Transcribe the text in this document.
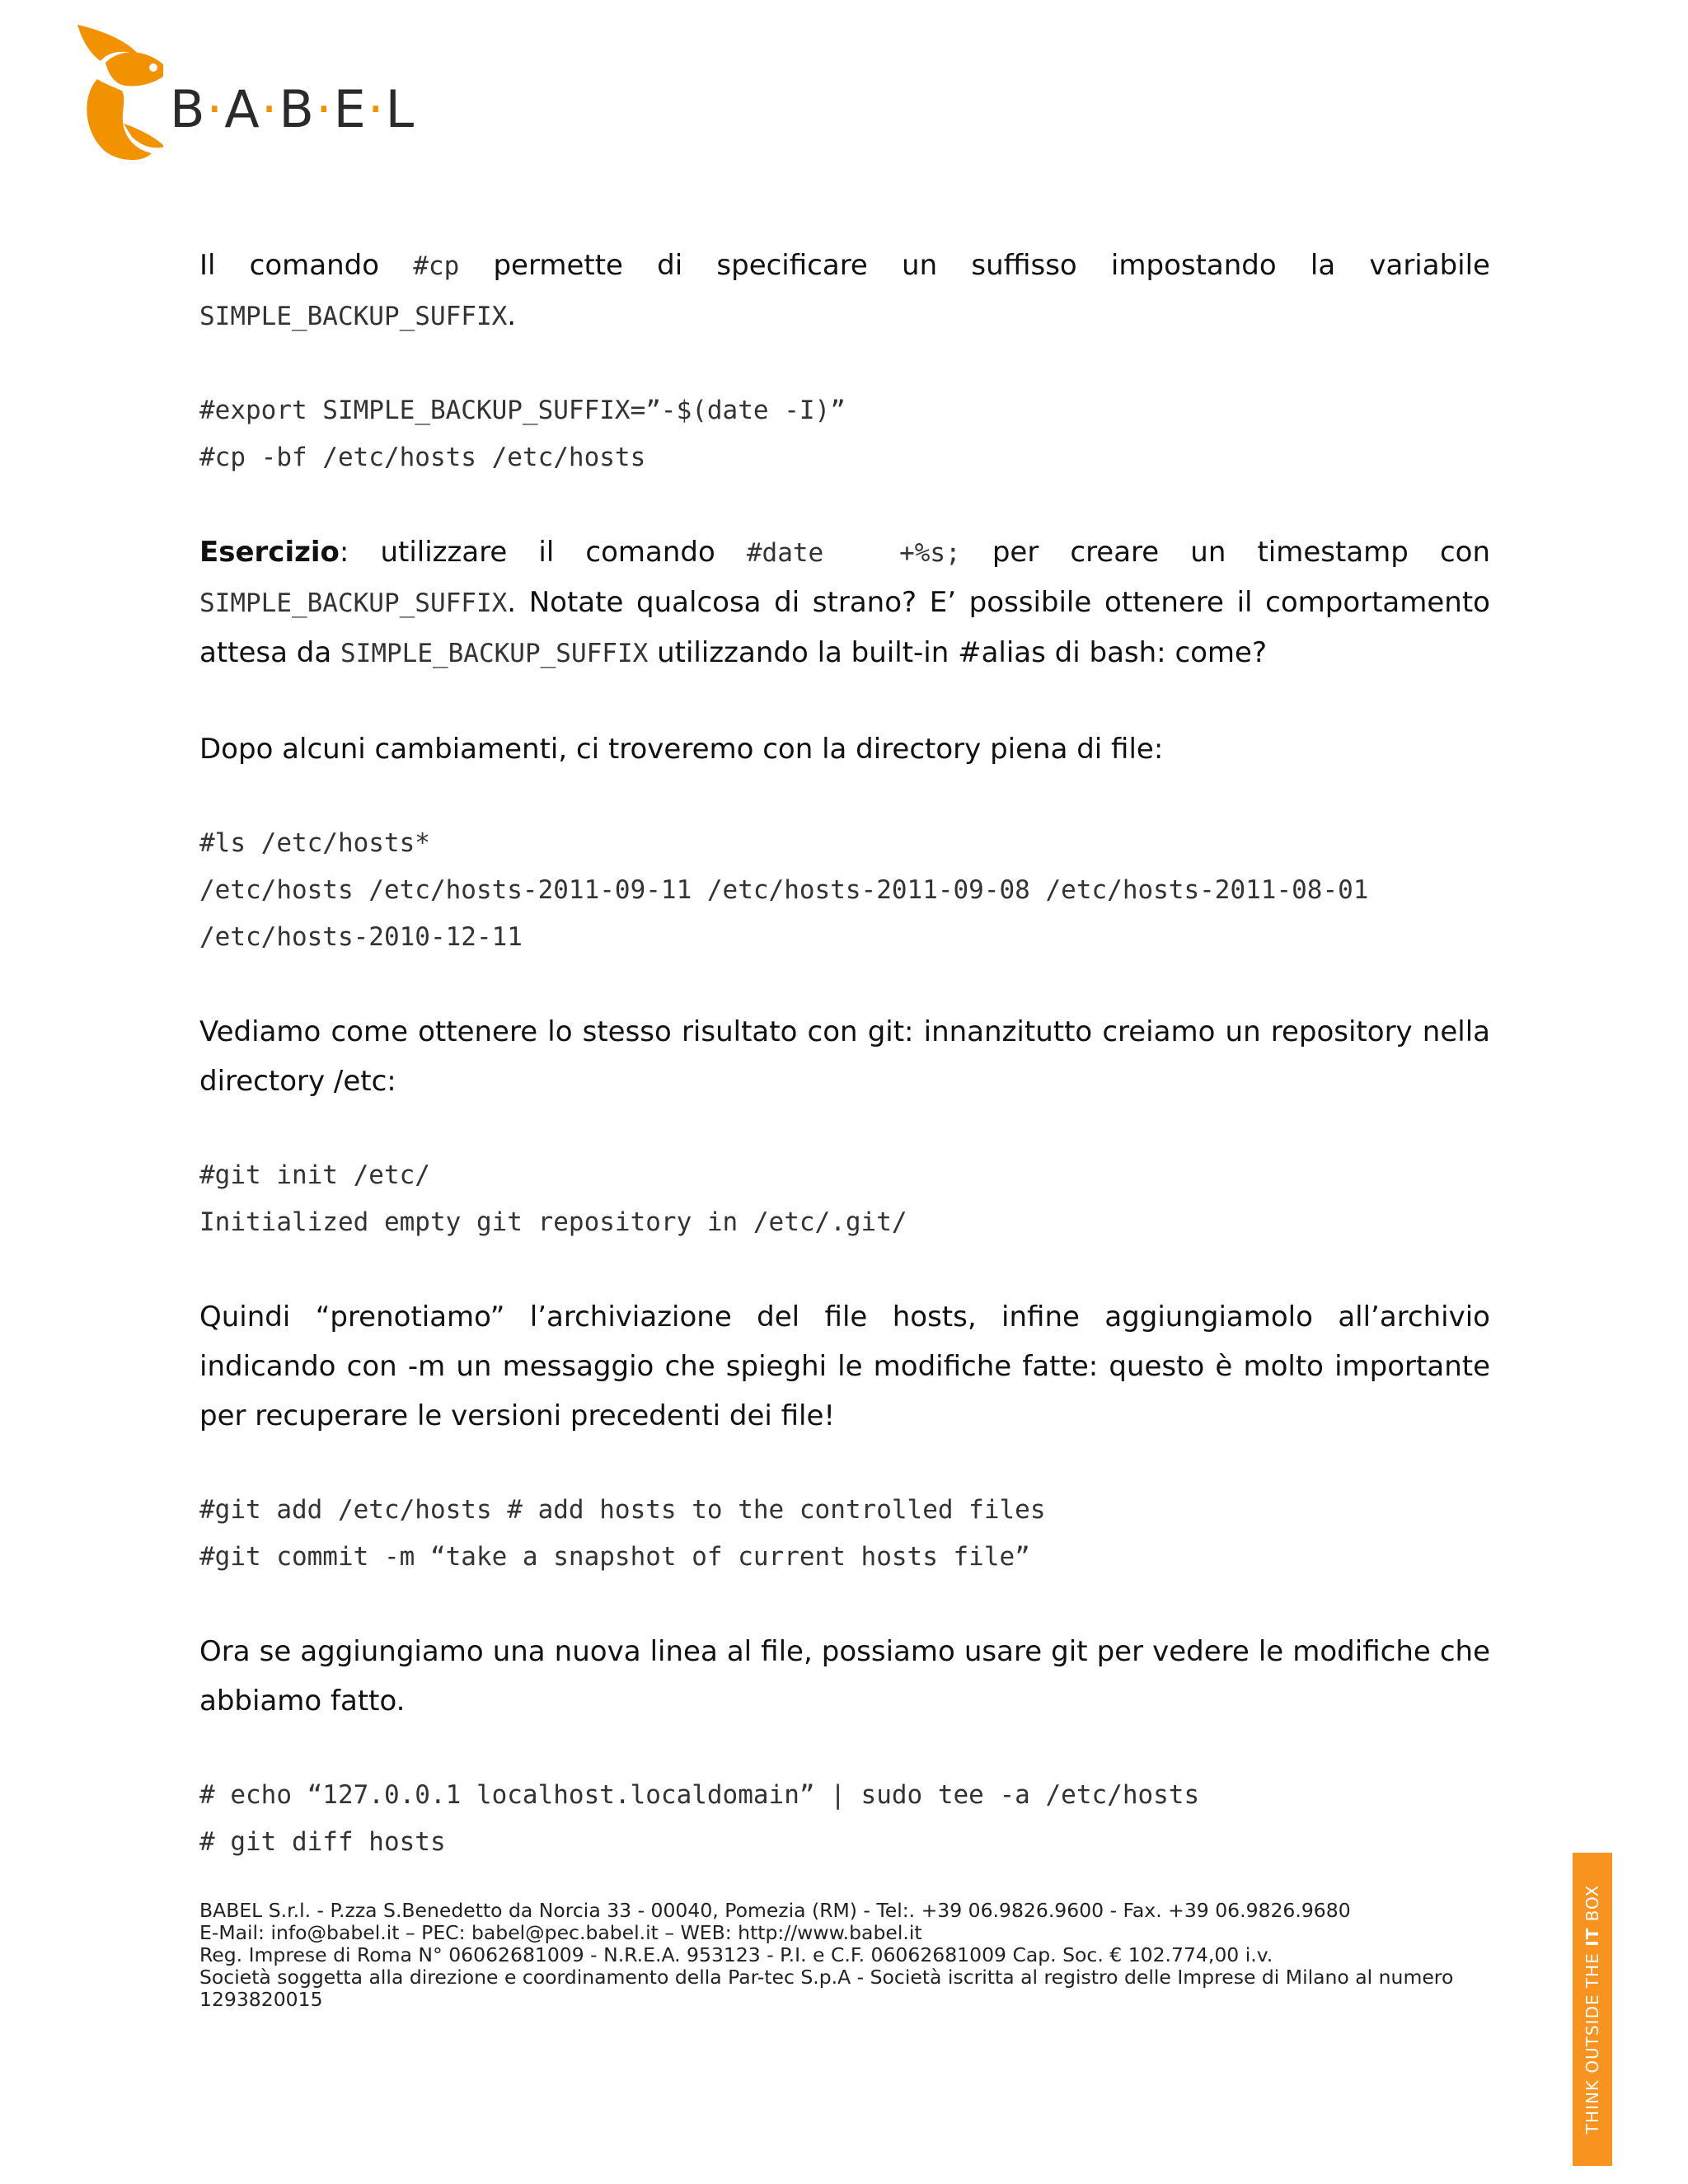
B·A·B·E·L

Il comando #cp permette di specificare un suffisso impostando la variabile SIMPLE_BACKUP_SUFFIX.

#export SIMPLE_BACKUP_SUFFIX=”-$(date -I)”

#cp -bf /etc/hosts /etc/hosts

Esercizio: utilizzare il comando #date  +%s; per creare un timestamp con SIMPLE_BACKUP_SUFFIX. Notate qualcosa di strano? E’ possibile ottenere il comportamento attesa da SIMPLE_BACKUP_SUFFIX utilizzando la built-in #alias di bash: come?

Dopo alcuni cambiamenti, ci troveremo con la directory piena di file:

#ls /etc/hosts*

/etc/hosts /etc/hosts-2011-09-11 /etc/hosts-2011-09-08 /etc/hosts-2011-08-01

/etc/hosts-2010-12-11

Vediamo come ottenere lo stesso risultato con git: innanzitutto creiamo un repository nella directory /etc:

#git init /etc/

Initialized empty git repository in /etc/.git/

Quindi “prenotiamo” l’archiviazione del file hosts, infine aggiungiamolo all’archivio indicando con -m un messaggio che spieghi le modifiche fatte: questo è molto importante per recuperare le versioni precedenti dei file!

#git add /etc/hosts # add hosts to the controlled files

#git commit -m “take a snapshot of current hosts file”

Ora se aggiungiamo una nuova linea al file, possiamo usare git per vedere le modifiche che abbiamo fatto.

# echo “127.0.0.1 localhost.localdomain” | sudo tee -a /etc/hosts

# git diff hosts

BABEL S.r.l. - P.zza S.Benedetto da Norcia 33 - 00040, Pomezia (RM) - Tel:. +39 06.9826.9600 - Fax. +39 06.9826.9680
E-Mail: info@babel.it – PEC: babel@pec.babel.it – WEB: http://www.babel.it
Reg. Imprese di Roma N° 06062681009 - N.R.E.A. 953123 - P.I. e C.F. 06062681009 Cap. Soc. € 102.774,00 i.v.
Società soggetta alla direzione e coordinamento della Par-tec S.p.A - Società iscritta al registro delle Imprese di Milano al numero
1293820015	THINK OUTSIDE THE IT BOX
